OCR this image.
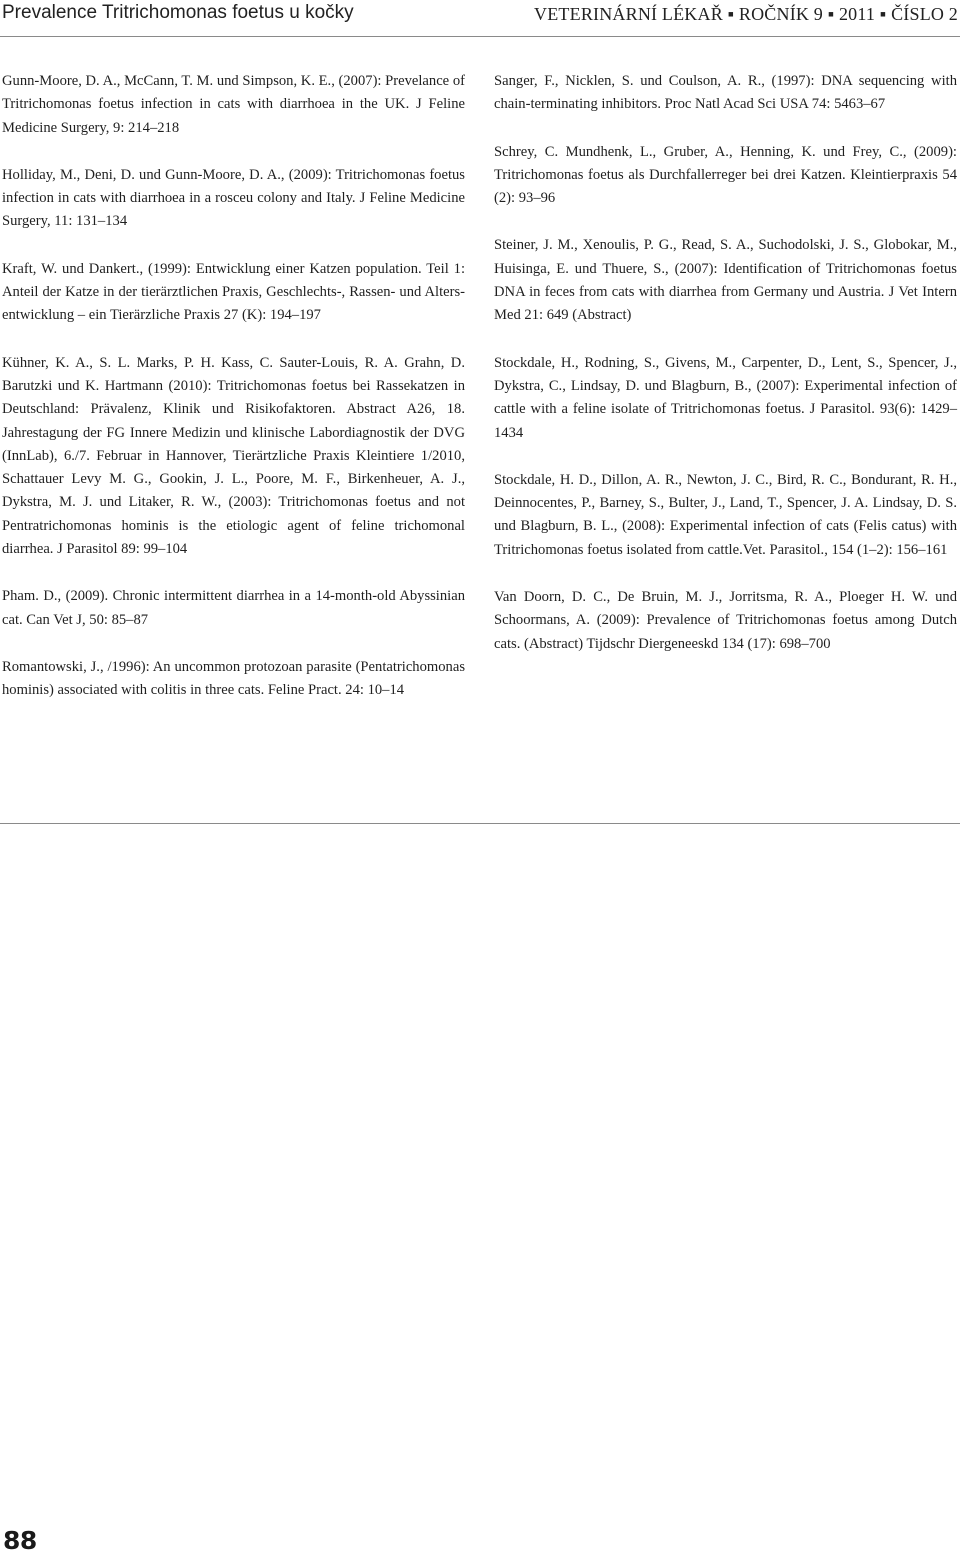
Prevalence Tritrichomonas foetus u kočky	VETERINÁRNÍ LÉKAŘ ▪ ROČNÍK 9 ▪ 2011 ▪ ČÍSLO 2

Gunn-Moore, D. A., McCann, T. M. und Simpson, K. E., (2007): Prevelance of Tritrichomonas foetus infection in cats with diarrhoea in the UK. J Feline Medicine Surgery, 9: 214–218

Holliday, M., Deni, D. und Gunn-Moore, D. A., (2009): Tritrichomonas foetus infection in cats with diarrhoea in a rosceu colony and Italy. J Feline Medicine Surgery, 11: 131–134

Kraft, W. und Dankert., (1999): Entwicklung einer Katzen population. Teil 1: Anteil der Katze in der tierärztlichen Praxis, Geschlechts-, Rassen- und Alters-entwicklung – ein Tierärzliche Praxis 27 (K): 194–197

Kühner, K. A., S. L. Marks, P. H. Kass, C. Sauter-Louis, R. A. Grahn, D. Barutzki und K. Hartmann (2010): Tritrichomonas foetus bei Rassekatzen in Deutschland: Prävalenz, Klinik und Risikofaktoren. Abstract A26, 18. Jahrestagung der FG Innere Medizin und klinische Labordiagnostik der DVG (InnLab), 6./7. Februar in Hannover, Tierärtzliche Praxis Kleintiere 1/2010, Schattauer Levy M. G., Gookin, J. L., Poore, M. F., Birkenheuer, A. J., Dykstra, M. J. und Litaker, R. W., (2003): Tritrichomonas foetus and not Pentratrichomonas hominis is the etiologic agent of feline trichomonal diarrhea. J Parasitol 89: 99–104

Pham. D., (2009). Chronic intermittent diarrhea in a 14-month-old Abyssinian cat. Can Vet J, 50: 85–87

Romantowski, J., /1996): An uncommon protozoan parasite (Pentatrichomonas hominis) associated with colitis in three cats. Feline Pract. 24: 10–14

Sanger, F., Nicklen, S. und Coulson, A. R., (1997): DNA sequencing with chain-terminating inhibitors. Proc Natl Acad Sci USA 74: 5463–67

Schrey, C. Mundhenk, L., Gruber, A., Henning, K. und Frey, C., (2009): Tritrichomonas foetus als Durchfallerreger bei drei Katzen. Kleintierpraxis 54 (2): 93–96

Steiner, J. M., Xenoulis, P. G., Read, S. A., Suchodolski, J. S., Globokar, M., Huisinga, E. und Thuere, S., (2007): Identification of Tritrichomonas foetus DNA in feces from cats with diarrhea from Germany und Austria. J Vet Intern Med 21: 649 (Abstract)

Stockdale, H., Rodning, S., Givens, M., Carpenter, D., Lent, S., Spencer, J., Dykstra, C., Lindsay, D. und Blagburn, B., (2007): Experimental infection of cattle with a feline isolate of Tritrichomonas foetus. J Parasitol. 93(6): 1429–1434

Stockdale, H. D., Dillon, A. R., Newton, J. C., Bird, R. C., Bondurant, R. H., Deinnocentes, P., Barney, S., Bulter, J., Land, T., Spencer, J. A. Lindsay, D. S. und Blagburn, B. L., (2008): Experimental infection of cats (Felis catus) with Tritrichomonas foetus isolated from cattle.Vet. Parasitol., 154 (1–2): 156–161

Van Doorn, D. C., De Bruin, M. J., Jorritsma, R. A., Ploeger H. W. und Schoormans, A. (2009): Prevalence of Tritrichomonas foetus among Dutch cats. (Abstract) Tijdschr Diergeneeskd 134 (17): 698–700

88
